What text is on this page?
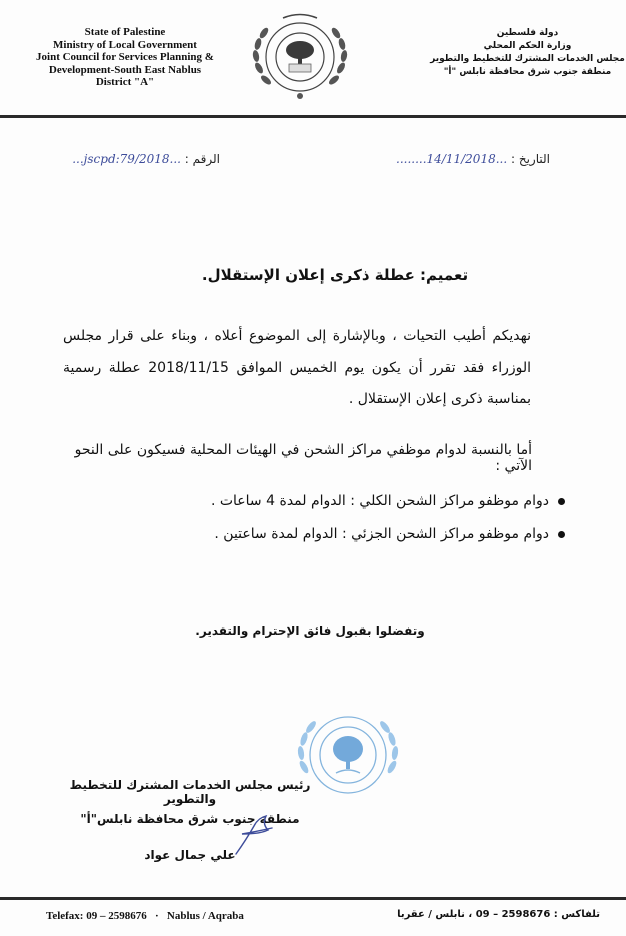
State of Palestine
Ministry of Local Government
Joint Council for Services Planning &
Development-South East Nablus
District "A"
دولة فلسطين
وزارة الحكم المحلي
مجلس الخدمات المشترك للتخطيط والتطوير
منطقة جنوب شرق محافظة نابلس "أ"
الرقم : ...jscpd:79/2018...	التاريخ : ........14/11/2018...
تعميم: عطلة ذكرى إعلان الإستقلال.
نهديكم أطيب التحيات ، وبالإشارة إلى الموضوع أعلاه ، وبناء على قرار مجلس الوزراء فقد تقرر أن يكون يوم الخميس الموافق 2018/11/15 عطلة رسمية بمناسبة ذكرى إعلان الإستقلال .
أما بالنسبة لدوام موظفي مراكز الشحن في الهيئات المحلية فسيكون على النحو الآتي :
دوام موظفو مراكز الشحن الكلي : الدوام لمدة 4 ساعات .
دوام موظفو مراكز الشحن الجزئي : الدوام لمدة ساعتين .
وتفضلوا بقبول فائق الإحترام والتقدير.
رئيس مجلس الخدمات المشترك للتخطيط والتطوير
منطقة جنوب شرق محافظة نابلس"أ"
علي جمال عواد
Telefax: 09 – 2598676   ·   Nablus / Aqraba	تلفاكس : 2598676 – 09 ، نابلس / عقربا
